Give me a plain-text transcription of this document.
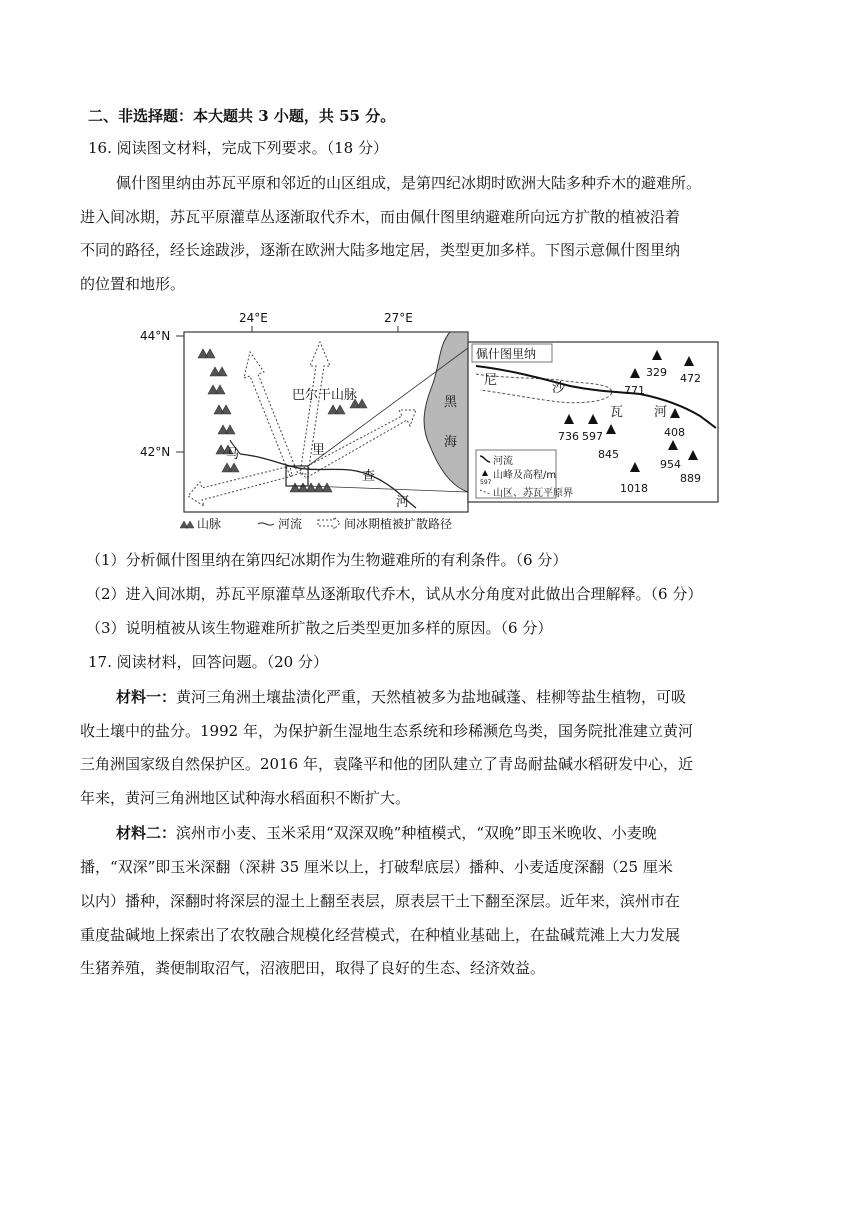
二、非选择题：本大题共 3 小题，共 55 分。
16. 阅读图文材料，完成下列要求。（18 分）
佩什图里纳由苏瓦平原和邻近的山区组成，是第四纪冰期时欧洲大陆多种乔木的避难所。
进入间冰期，苏瓦平原灌草丛逐渐取代乔木，而由佩什图里纳避难所向远方扩散的植被沿着
不同的路径，经长途跋涉，逐渐在欧洲大陆多地定居，类型更加多样。下图示意佩什图里纳
的位置和地形。
24°E	27°E
44°N
42°N
黑
海
巴尔干山脉
马	里
查
河
山脉	河流	间冰期植被扩散路径
佩什图里纳
尼
沙
瓦 河
329 472
771
408
736 597
845
954
889
1018
河流
597
山峰及高程/m
山区、苏瓦平原界
（1）分析佩什图里纳在第四纪冰期作为生物避难所的有利条件。（6 分）
（2）进入间冰期，苏瓦平原灌草丛逐渐取代乔木，试从水分角度对此做出合理解释。（6 分）
（3）说明植被从该生物避难所扩散之后类型更加多样的原因。（6 分）
17. 阅读材料，回答问题。（20 分）
材料一：黄河三角洲土壤盐渍化严重，天然植被多为盐地碱蓬、桂柳等盐生植物，可吸
收土壤中的盐分。1992 年，为保护新生湿地生态系统和珍稀濒危鸟类，国务院批准建立黄河
三角洲国家级自然保护区。2016 年，袁隆平和他的团队建立了青岛耐盐碱水稻研发中心，近
年来，黄河三角洲地区试种海水稻面积不断扩大。
材料二：滨州市小麦、玉米采用“双深双晚”种植模式，“双晚”即玉米晚收、小麦晚
播，“双深”即玉米深翻（深耕 35 厘米以上，打破犁底层）播种、小麦适度深翻（25 厘米
以内）播种，深翻时将深层的湿土上翻至表层，原表层干土下翻至深层。近年来，滨州市在
重度盐碱地上探索出了农牧融合规模化经营模式，在种植业基础上，在盐碱荒滩上大力发展
生猪养殖，粪便制取沼气，沼液肥田，取得了良好的生态、经济效益。
